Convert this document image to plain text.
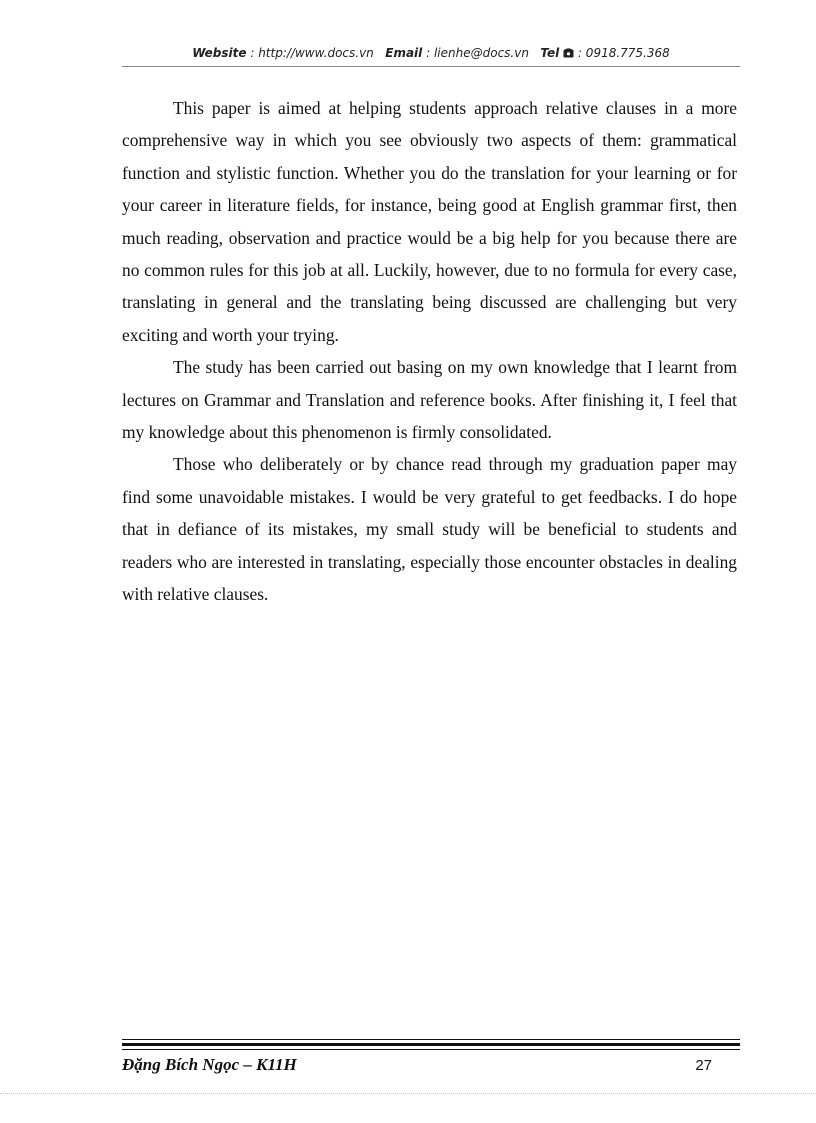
Website : http://www.docs.vn Email : lienhe@docs.vn Tel : 0918.775.368

This paper is aimed at helping students approach relative clauses in a more comprehensive way in which you see obviously two aspects of them: grammatical function and stylistic function. Whether you do the translation for your learning or for your career in literature fields, for instance, being good at English grammar first, then much reading, observation and practice would be a big help for you because there are no common rules for this job at all. Luckily, however, due to no formula for every case, translating in general and the translating being discussed are challenging but very exciting and worth your trying.

The study has been carried out basing on my own knowledge that I learnt from lectures on Grammar and Translation and reference books. After finishing it, I feel that my knowledge about this phenomenon is firmly consolidated.

Those who deliberately or by chance read through my graduation paper may find some unavoidable mistakes. I would be very grateful to get feedbacks. I do hope that in defiance of its mistakes, my small study will be beneficial to students and readers who are interested in translating, especially those encounter obstacles in dealing with relative clauses.

Đặng Bích Ngọc – K11H	27
